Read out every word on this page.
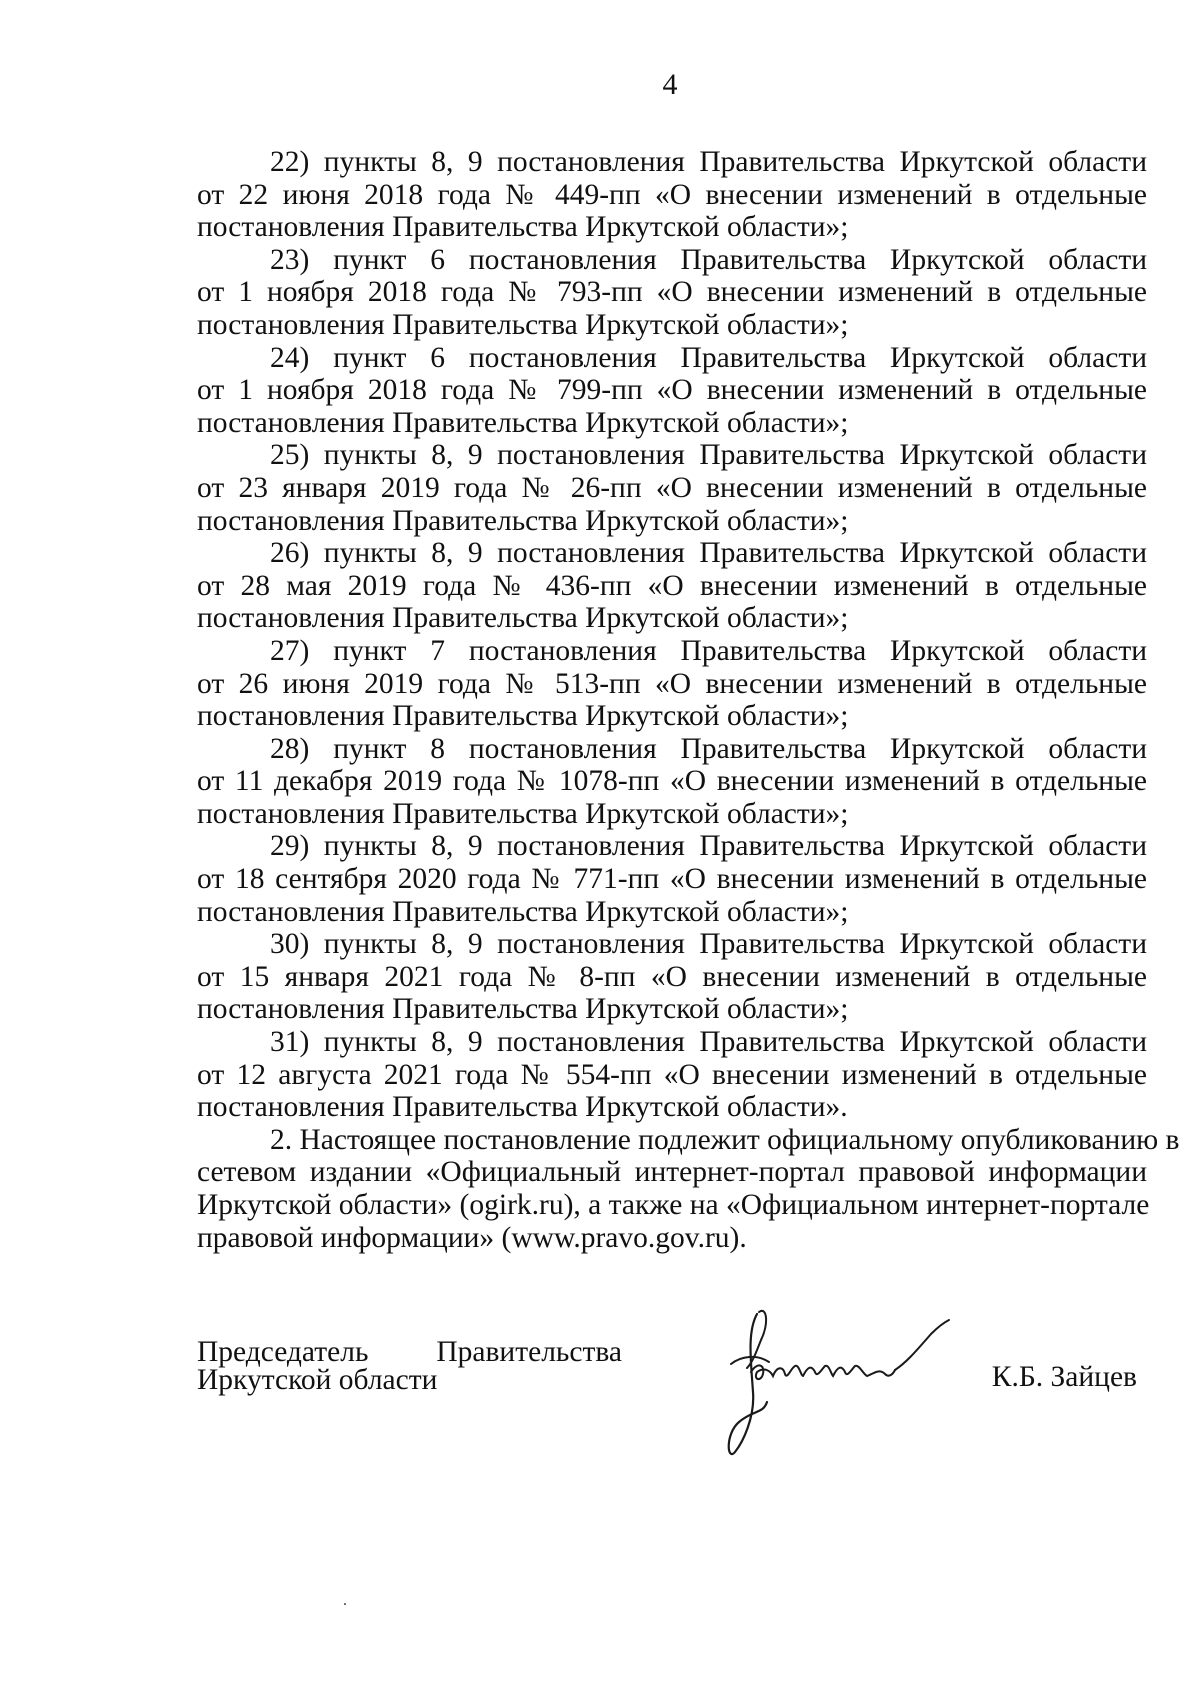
4
22) пункты 8, 9 постановления Правительства Иркутской области
от 22 июня 2018 года № 449-пп «О внесении изменений в отдельные
постановления Правительства Иркутской области»;
23) пункт 6 постановления Правительства Иркутской области
от 1 ноября 2018 года № 793-пп «О внесении изменений в отдельные
постановления Правительства Иркутской области»;
24) пункт 6 постановления Правительства Иркутской области
от 1 ноября 2018 года № 799-пп «О внесении изменений в отдельные
постановления Правительства Иркутской области»;
25) пункты 8, 9 постановления Правительства Иркутской области
от 23 января 2019 года № 26-пп «О внесении изменений в отдельные
постановления Правительства Иркутской области»;
26) пункты 8, 9 постановления Правительства Иркутской области
от 28 мая 2019 года № 436-пп «О внесении изменений в отдельные
постановления Правительства Иркутской области»;
27) пункт 7 постановления Правительства Иркутской области
от 26 июня 2019 года № 513-пп «О внесении изменений в отдельные
постановления Правительства Иркутской области»;
28) пункт 8 постановления Правительства Иркутской области
от 11 декабря 2019 года № 1078-пп «О внесении изменений в отдельные
постановления Правительства Иркутской области»;
29) пункты 8, 9 постановления Правительства Иркутской области
от 18 сентября 2020 года № 771-пп «О внесении изменений в отдельные
постановления Правительства Иркутской области»;
30) пункты 8, 9 постановления Правительства Иркутской области
от 15 января 2021 года № 8-пп «О внесении изменений в отдельные
постановления Правительства Иркутской области»;
31) пункты 8, 9 постановления Правительства Иркутской области
от 12 августа 2021 года № 554-пп «О внесении изменений в отдельные
постановления Правительства Иркутской области».
2. Настоящее постановление подлежит официальному опубликованию в
сетевом издании «Официальный интернет-портал правовой информации
Иркутской области» (ogirk.ru), а также на «Официальном интернет-портале
правовой информации» (www.pravo.gov.ru).
Председатель Правительства
Иркутской области	К.Б. Зайцев
.
